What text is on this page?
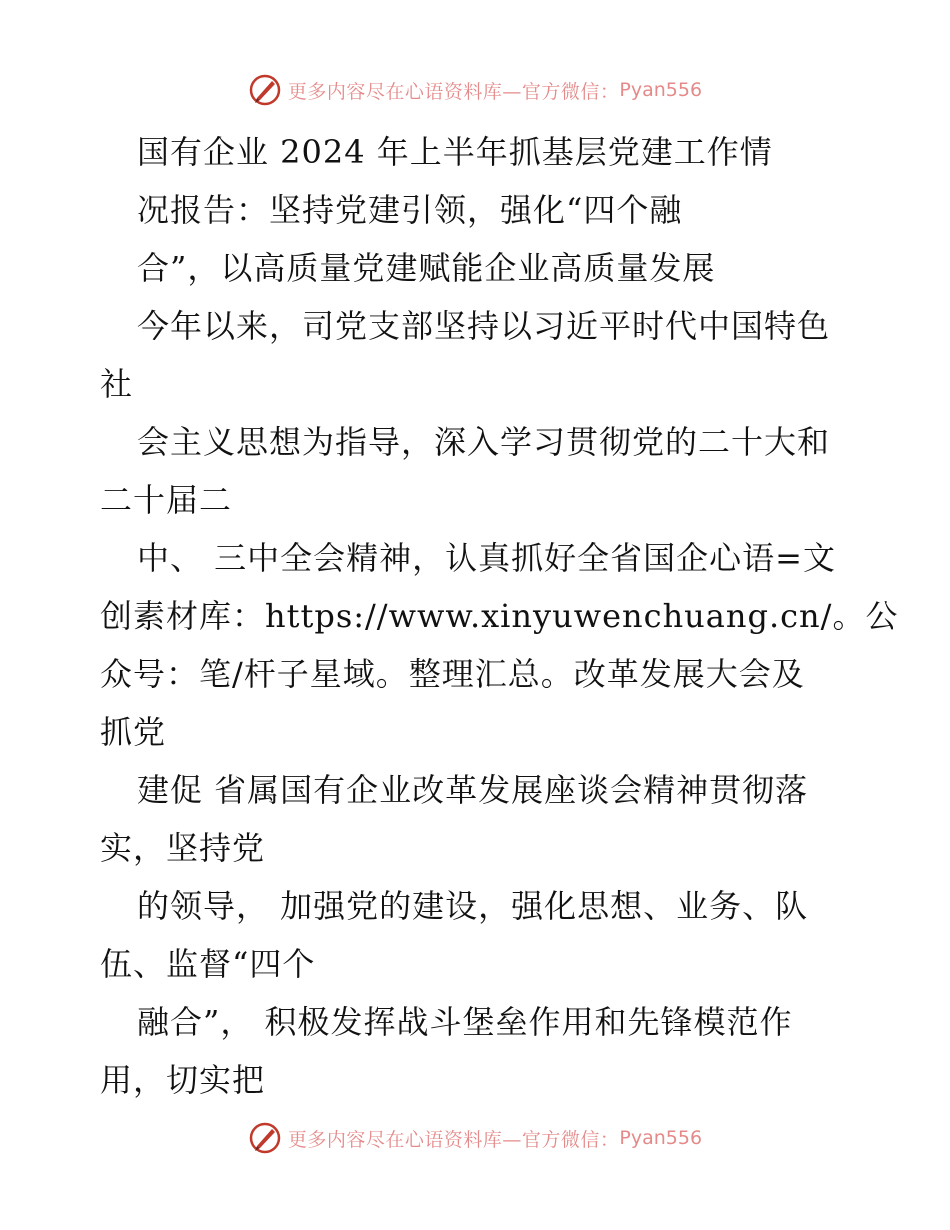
更多内容尽在心语资料库—官方微信： Pyan556
国有企业 2024 年上半年抓基层党建工作情
况报告：坚持党建引领，强化“四个融
合”，以高质量党建赋能企业高质量发展
今年以来，司党支部坚持以习近平时代中国特色
社
会主义思想为指导，深入学习贯彻党的二十大和
二十届二
中、 三中全会精神，认真抓好全省国企心语=文
创素材库：https://www.xinyuwenchuang.cn/。公
众号：笔/杆子星域。整理汇总。改革发展大会及
抓党
建促 省属国有企业改革发展座谈会精神贯彻落
实，坚持党
的领导， 加强党的建设，强化思想、业务、队
伍、监督“四个
融合”， 积极发挥战斗堡垒作用和先锋模范作
用，切实把
更多内容尽在心语资料库—官方微信： Pyan556
